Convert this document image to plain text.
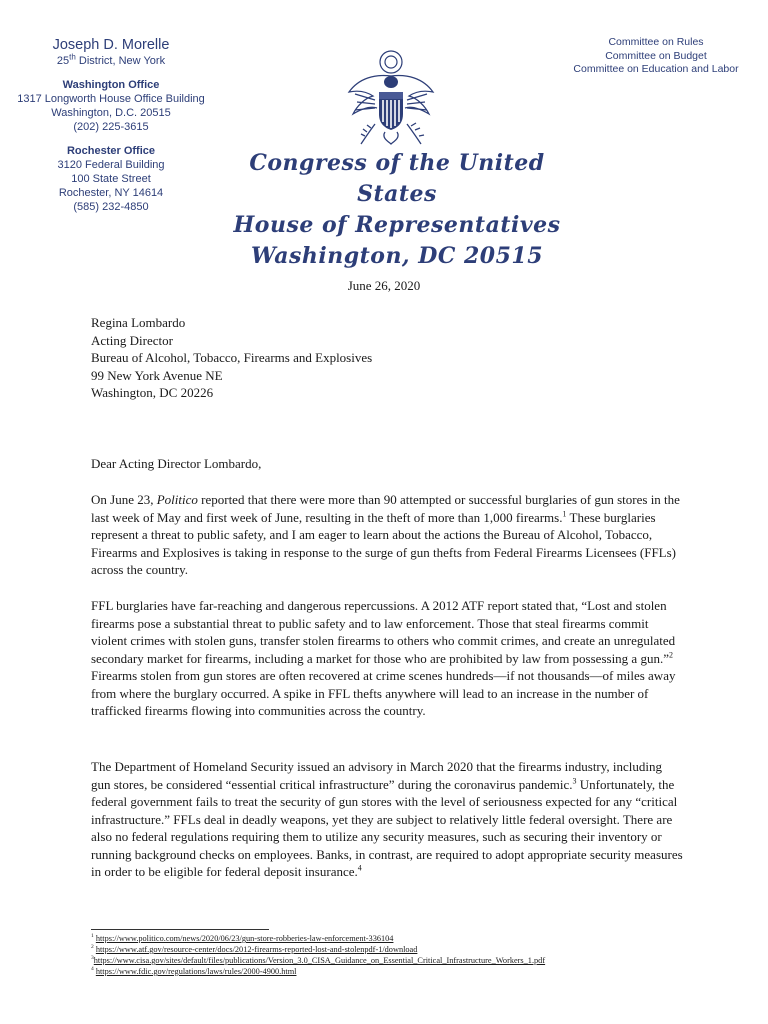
Joseph D. Morelle
25th District, New York
Washington Office
1317 Longworth House Office Building
Washington, D.C. 20515
(202) 225-3615
Rochester Office
3120 Federal Building
100 State Street
Rochester, NY 14614
(585) 232-4850
Committee on Rules
Committee on Budget
Committee on Education and Labor
Congress of the United States
House of Representatives
Washington, DC 20515
June 26, 2020
Regina Lombardo
Acting Director
Bureau of Alcohol, Tobacco, Firearms and Explosives
99 New York Avenue NE
Washington, DC 20226
Dear Acting Director Lombardo,

On June 23, Politico reported that there were more than 90 attempted or successful burglaries of gun stores in the last week of May and first week of June, resulting in the theft of more than 1,000 firearms.$^1$ These burglaries represent a threat to public safety, and I am eager to learn about the actions the Bureau of Alcohol, Tobacco, Firearms and Explosives is taking in response to the surge of gun thefts from Federal Firearms Licensees (FFLs) across the country.

FFL burglaries have far-reaching and dangerous repercussions. A 2012 ATF report stated that, “Lost and stolen firearms pose a substantial threat to public safety and to law enforcement. Those that steal firearms commit violent crimes with stolen guns, transfer stolen firearms to others who commit crimes, and create an unregulated secondary market for firearms, including a market for those who are prohibited by law from possessing a gun.”$^2$ Firearms stolen from gun stores are often recovered at crime scenes hundreds—if not thousands—of miles away from where the burglary occurred. A spike in FFL thefts anywhere will lead to an increase in the number of trafficked firearms flowing into communities across the country.

The Department of Homeland Security issued an advisory in March 2020 that the firearms industry, including gun stores, be considered “essential critical infrastructure” during the coronavirus pandemic.$^3$ Unfortunately, the federal government fails to treat the security of gun stores with the level of seriousness expected for any “critical infrastructure.” FFLs deal in deadly weapons, yet they are subject to relatively little federal oversight. There are also no federal regulations requiring them to utilize any security measures, such as securing their inventory or running background checks on employees. Banks, in contrast, are required to adopt appropriate security measures in order to be eligible for federal deposit insurance.$^4$

$^1$ https://www.politico.com/news/2020/06/23/gun-store-robberies-law-enforcement-336104
$^2$ https://www.atf.gov/resource-center/docs/2012-firearms-reported-lost-and-stolenpdf-1/download
$^3$https://www.cisa.gov/sites/default/files/publications/Version_3.0_CISA_Guidance_on_Essential_Critical_Infrastructure_Workers_1.pdf
$^4$ https://www.fdic.gov/regulations/laws/rules/2000-4900.html
